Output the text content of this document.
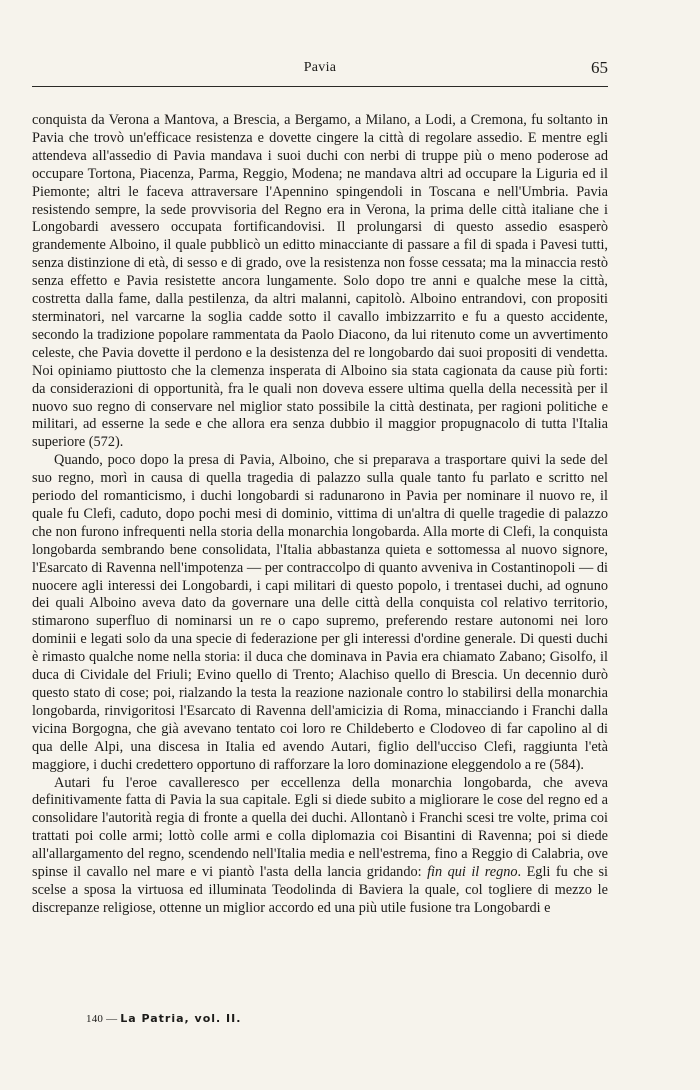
Pavia	65

conquista da Verona a Mantova, a Brescia, a Bergamo, a Milano, a Lodi, a Cremona, fu soltanto in Pavia che trovò un'efficace resistenza e dovette cingere la città di regolare assedio. E mentre egli attendeva all'assedio di Pavia mandava i suoi duchi con nerbi di truppe più o meno poderose ad occupare Tortona, Piacenza, Parma, Reggio, Modena; ne mandava altri ad occupare la Liguria ed il Piemonte; altri le faceva attraversare l'Apennino spingendoli in Toscana e nell'Umbria. Pavia resistendo sempre, la sede provvisoria del Regno era in Verona, la prima delle città italiane che i Longobardi avessero occupata fortificandovisi. Il prolungarsi di questo assedio esasperò grandemente Alboino, il quale pubblicò un editto minacciante di passare a fil di spada i Pavesi tutti, senza distinzione di età, di sesso e di grado, ove la resistenza non fosse cessata; ma la minaccia restò senza effetto e Pavia resistette ancora lungamente. Solo dopo tre anni e qualche mese la città, costretta dalla fame, dalla pestilenza, da altri malanni, capitolò. Alboino entrandovi, con propositi sterminatori, nel varcarne la soglia cadde sotto il cavallo imbizzarrito e fu a questo accidente, secondo la tradizione popolare rammentata da Paolo Diacono, da lui ritenuto come un avvertimento celeste, che Pavia dovette il perdono e la desistenza del re longobardo dai suoi propositi di vendetta. Noi opiniamo piuttosto che la clemenza insperata di Alboino sia stata cagionata da cause più forti: da considerazioni di opportunità, fra le quali non doveva essere ultima quella della necessità per il nuovo suo regno di conservare nel miglior stato possibile la città destinata, per ragioni politiche e militari, ad esserne la sede e che allora era senza dubbio il maggior propugnacolo di tutta l'Italia superiore (572).

Quando, poco dopo la presa di Pavia, Alboino, che si preparava a trasportare quivi la sede del suo regno, morì in causa di quella tragedia di palazzo sulla quale tanto fu parlato e scritto nel periodo del romanticismo, i duchi longobardi si radunarono in Pavia per nominare il nuovo re, il quale fu Clefi, caduto, dopo pochi mesi di dominio, vittima di un'altra di quelle tragedie di palazzo che non furono infrequenti nella storia della monarchia longobarda. Alla morte di Clefi, la conquista longobarda sembrando bene consolidata, l'Italia abbastanza quieta e sottomessa al nuovo signore, l'Esarcato di Ravenna nell'impotenza — per contraccolpo di quanto avveniva in Costantinopoli — di nuocere agli interessi dei Longobardi, i capi militari di questo popolo, i trentasei duchi, ad ognuno dei quali Alboino aveva dato da governare una delle città della conquista col relativo territorio, stimarono superfluo di nominarsi un re o capo supremo, preferendo restare autonomi nei loro dominii e legati solo da una specie di federazione per gli interessi d'ordine generale. Di questi duchi è rimasto qualche nome nella storia: il duca che dominava in Pavia era chiamato Zabano; Gisolfo, il duca di Cividale del Friuli; Evino quello di Trento; Alachiso quello di Brescia. Un decennio durò questo stato di cose; poi, rialzando la testa la reazione nazionale contro lo stabilirsi della monarchia longobarda, rinvigoritosi l'Esarcato di Ravenna dell'amicizia di Roma, minacciando i Franchi dalla vicina Borgogna, che già avevano tentato coi loro re Childeberto e Clodoveo di far capolino al di qua delle Alpi, una discesa in Italia ed avendo Autari, figlio dell'ucciso Clefi, raggiunta l'età maggiore, i duchi credettero opportuno di rafforzare la loro dominazione eleggendolo a re (584).

Autari fu l'eroe cavalleresco per eccellenza della monarchia longobarda, che aveva definitivamente fatta di Pavia la sua capitale. Egli si diede subito a migliorare le cose del regno ed a consolidare l'autorità regia di fronte a quella dei duchi. Allontanò i Franchi scesi tre volte, prima coi trattati poi colle armi; lottò colle armi e colla diplomazia coi Bisantini di Ravenna; poi si diede all'allargamento del regno, scendendo nell'Italia media e nell'estrema, fino a Reggio di Calabria, ove spinse il cavallo nel mare e vi piantò l'asta della lancia gridando: fin qui il regno. Egli fu che si scelse a sposa la virtuosa ed illuminata Teodolinda di Baviera la quale, col togliere di mezzo le discrepanze religiose, ottenne un miglior accordo ed una più utile fusione tra Longobardi e

140 — La Patria, vol. II.
